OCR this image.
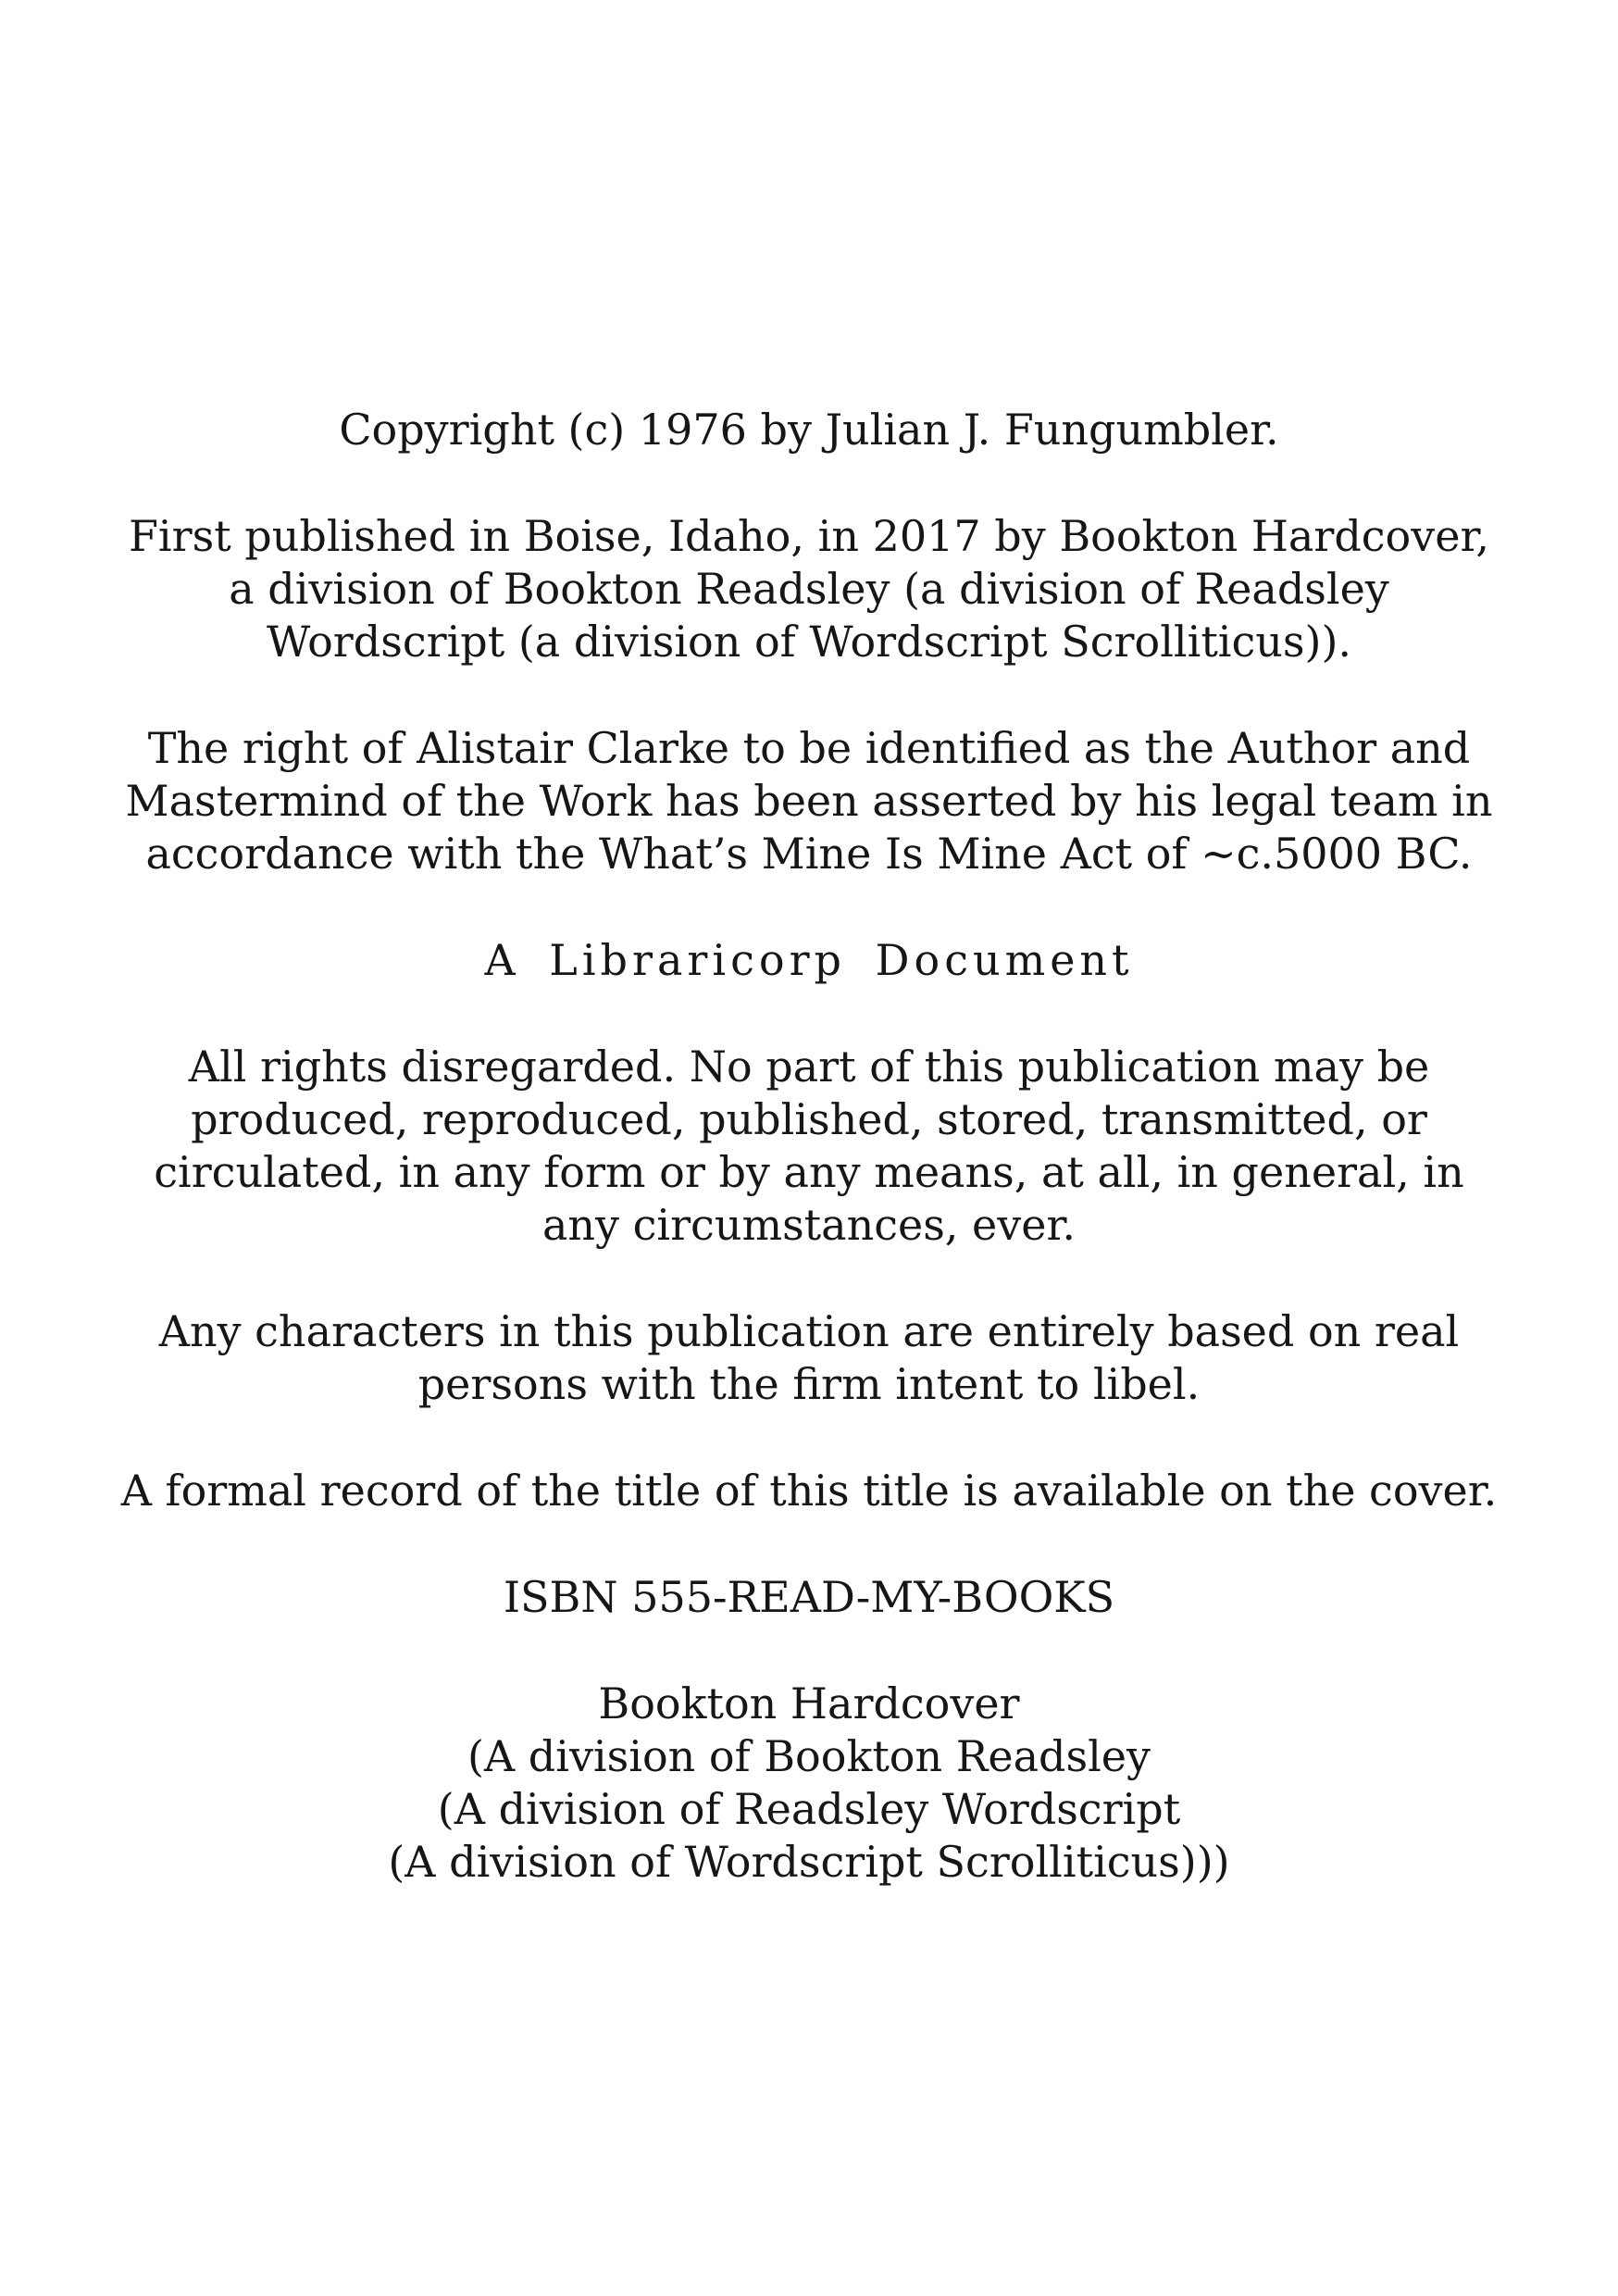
Copyright (c) 1976 by Julian J. Fungumbler.
First published in Boise, Idaho, in 2017 by Bookton Hardcover,
a division of Bookton Readsley (a division of Readsley
Wordscript (a division of Wordscript Scrolliticus)).
The right of Alistair Clarke to be identified as the Author and
Mastermind of the Work has been asserted by his legal team in
accordance with the What’s Mine Is Mine Act of ~c.5000 BC.
A Libraricorp Document
All rights disregarded. No part of this publication may be
produced, reproduced, published, stored, transmitted, or
circulated, in any form or by any means, at all, in general, in
any circumstances, ever.
Any characters in this publication are entirely based on real
persons with the firm intent to libel.
A formal record of the title of this title is available on the cover.
ISBN 555-READ-MY-BOOKS
Bookton Hardcover
(A division of Bookton Readsley
(A division of Readsley Wordscript
(A division of Wordscript Scrolliticus)))
